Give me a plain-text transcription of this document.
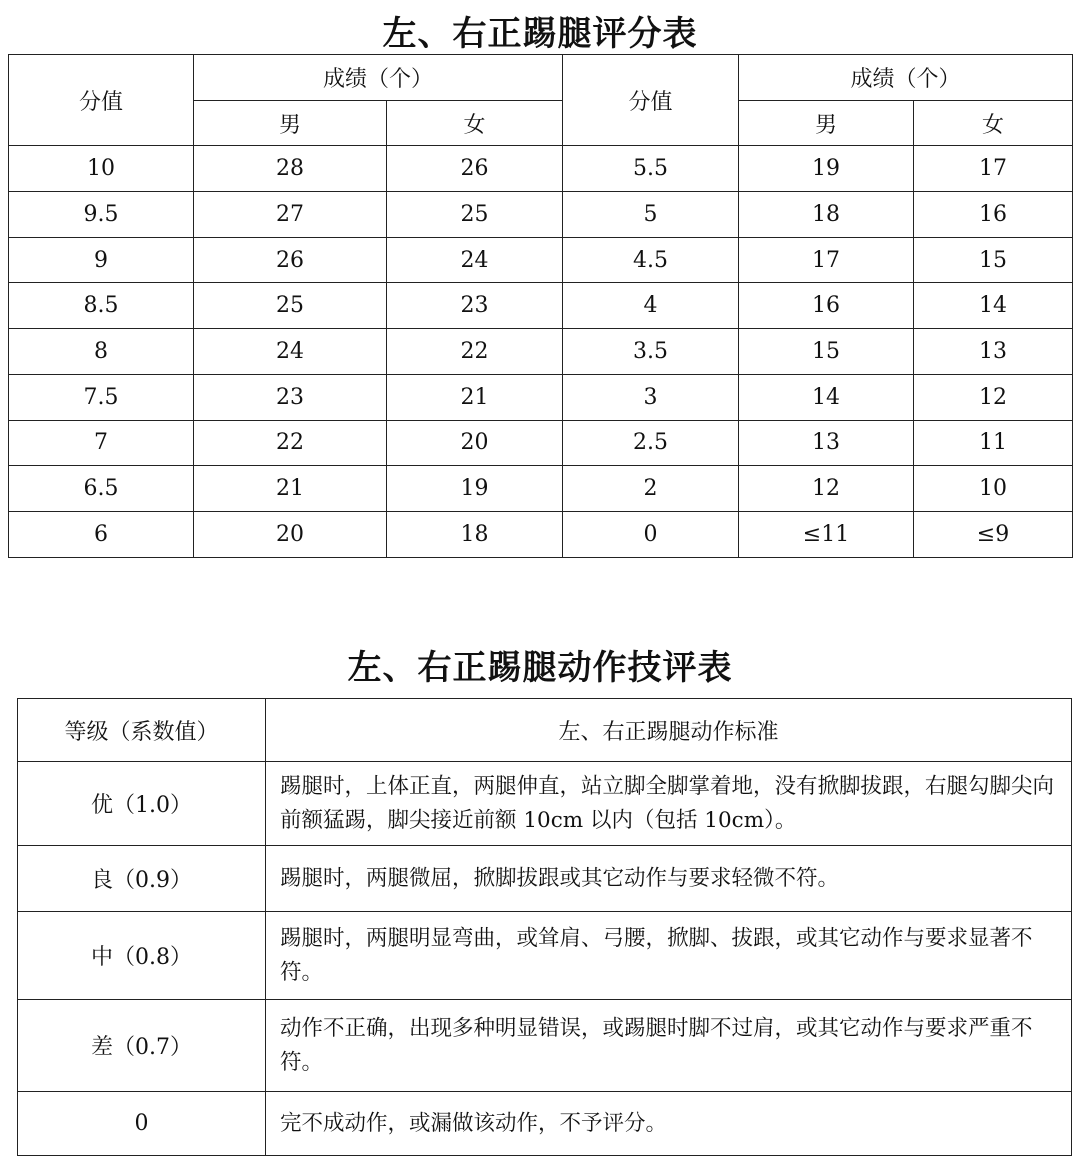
左、右正踢腿评分表
分值	成绩（个）		分值	成绩（个）	
	男	女		男	女
10	28	26	5.5	19	17
9.5	27	25	5	18	16
9	26	24	4.5	17	15
8.5	25	23	4	16	14
8	24	22	3.5	15	13
7.5	23	21	3	14	12
7	22	20	2.5	13	11
6.5	21	19	2	12	10
6	20	18	0	≤11	≤9
左、右正踢腿动作技评表
等级（系数值）	左、右正踢腿动作标准
优（1.0）	踢腿时，上体正直，两腿伸直，站立脚全脚掌着地，没有掀脚拔跟，右腿勾脚尖向前额猛踢，脚尖接近前额 10cm 以内（包括 10cm）。
良（0.9）	踢腿时，两腿微屈，掀脚拔跟或其它动作与要求轻微不符。
中（0.8）	踢腿时，两腿明显弯曲，或耸肩、弓腰，掀脚、拔跟，或其它动作与要求显著不符。
差（0.7）	动作不正确，出现多种明显错误，或踢腿时脚不过肩，或其它动作与要求严重不符。
0	完不成动作，或漏做该动作，不予评分。
